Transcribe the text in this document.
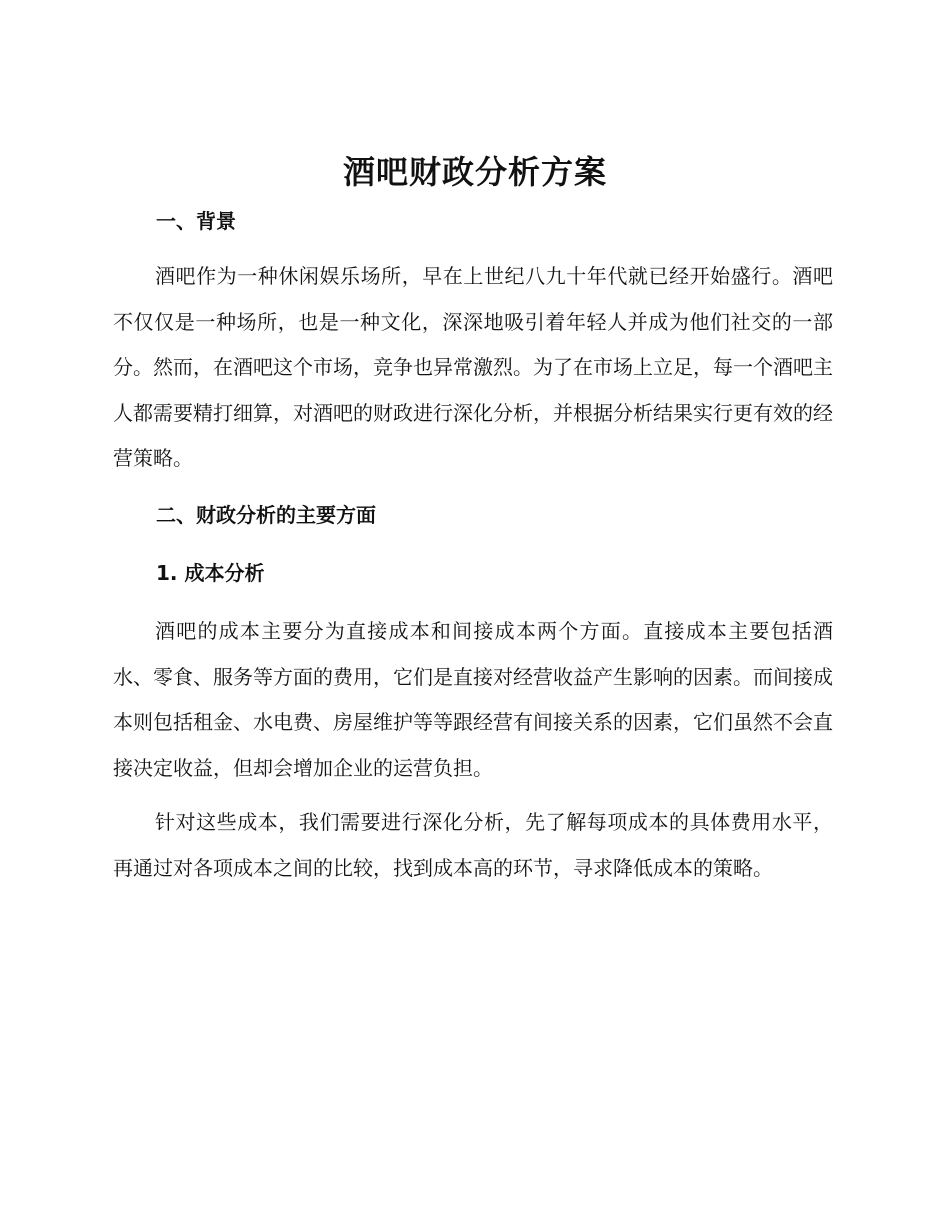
酒吧财政分析方案
一、背景

酒吧作为一种休闲娱乐场所，早在上世纪八九十年代就已经开始盛行。酒吧不仅仅是一种场所，也是一种文化，深深地吸引着年轻人并成为他们社交的一部分。然而，在酒吧这个市场，竞争也异常激烈。为了在市场上立足，每一个酒吧主人都需要精打细算，对酒吧的财政进行深化分析，并根据分析结果实行更有效的经营策略。

二、财政分析的主要方面
1. 成本分析

酒吧的成本主要分为直接成本和间接成本两个方面。直接成本主要包括酒水、零食、服务等方面的费用，它们是直接对经营收益产生影响的因素。而间接成本则包括租金、水电费、房屋维护等等跟经营有间接关系的因素，它们虽然不会直接决定收益，但却会增加企业的运营负担。

针对这些成本，我们需要进行深化分析，先了解每项成本的具体费用水平，再通过对各项成本之间的比较，找到成本高的环节，寻求降低成本的策略。
